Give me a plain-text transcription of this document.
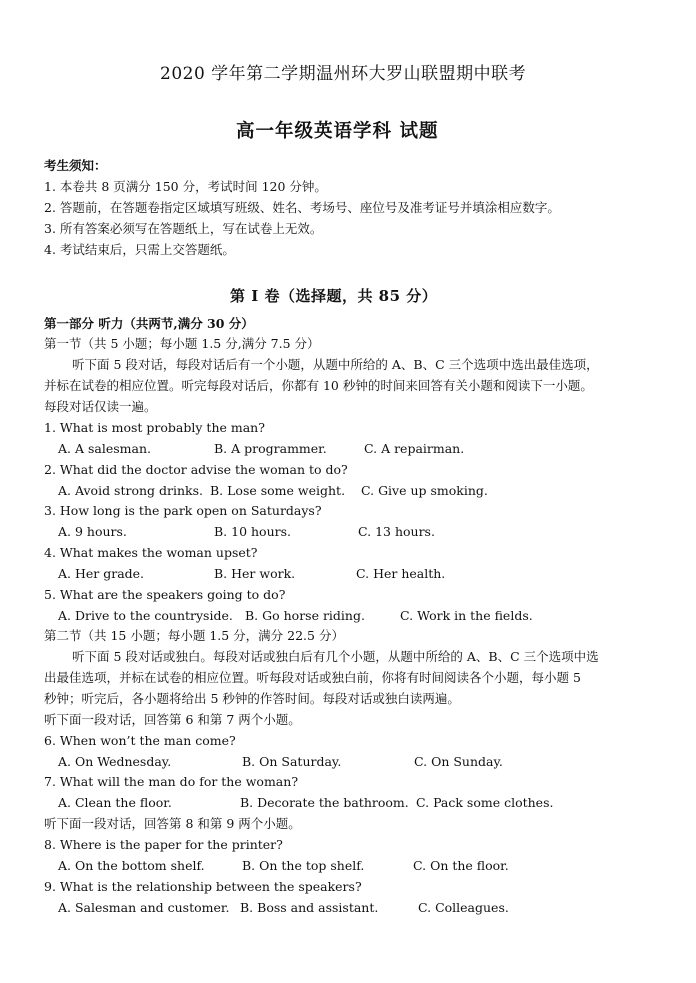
2020 学年第二学期温州环大罗山联盟期中联考
高一年级英语学科 试题
考生须知：
1. 本卷共 8 页满分 150 分，考试时间 120 分钟。
2. 答题前，在答题卷指定区域填写班级、姓名、考场号、座位号及准考证号并填涂相应数字。
3. 所有答案必须写在答题纸上，写在试卷上无效。
4. 考试结束后，只需上交答题纸。
第 I 卷（选择题，共 85 分）
第一部分 听力（共两节,满分 30 分）
第一节（共 5 小题；每小题 1.5 分,满分 7.5 分）
听下面 5 段对话，每段对话后有一个小题，从题中所给的 A、B、C 三个选项中选出最佳选项，
并标在试卷的相应位置。听完每段对话后，你都有 10 秒钟的时间来回答有关小题和阅读下一小题。
每段对话仅读一遍。
1. What is most probably the man?
A. A salesman.	B. A programmer.	C. A repairman.
2. What did the doctor advise the woman to do?
A. Avoid strong drinks. B. Lose some weight. C. Give up smoking.
3. How long is the park open on Saturdays?
A. 9 hours.	B. 10 hours.	C. 13 hours.
4. What makes the woman upset?
A. Her grade.	B. Her work.	C. Her health.
5. What are the speakers going to do?
A. Drive to the countryside. B. Go horse riding.	C. Work in the fields.
第二节（共 15 小题；每小题 1.5 分，满分 22.5 分）
听下面 5 段对话或独白。每段对话或独白后有几个小题，从题中所给的 A、B、C 三个选项中选
出最佳选项，并标在试卷的相应位置。听每段对话或独白前，你将有时间阅读各个小题，每小题 5
秒钟；听完后，各小题将给出 5 秒钟的作答时间。每段对话或独白读两遍。
听下面一段对话，回答第 6 和第 7 两个小题。
6. When won’t the man come?
A. On Wednesday.	B. On Saturday.	C. On Sunday.
7. What will the man do for the woman?
A. Clean the floor.	B. Decorate the bathroom. C. Pack some clothes.
听下面一段对话，回答第 8 和第 9 两个小题。
8. Where is the paper for the printer?
A. On the bottom shelf.	B. On the top shelf.	C. On the floor.
9. What is the relationship between the speakers?
A. Salesman and customer. B. Boss and assistant.	C. Colleagues.
